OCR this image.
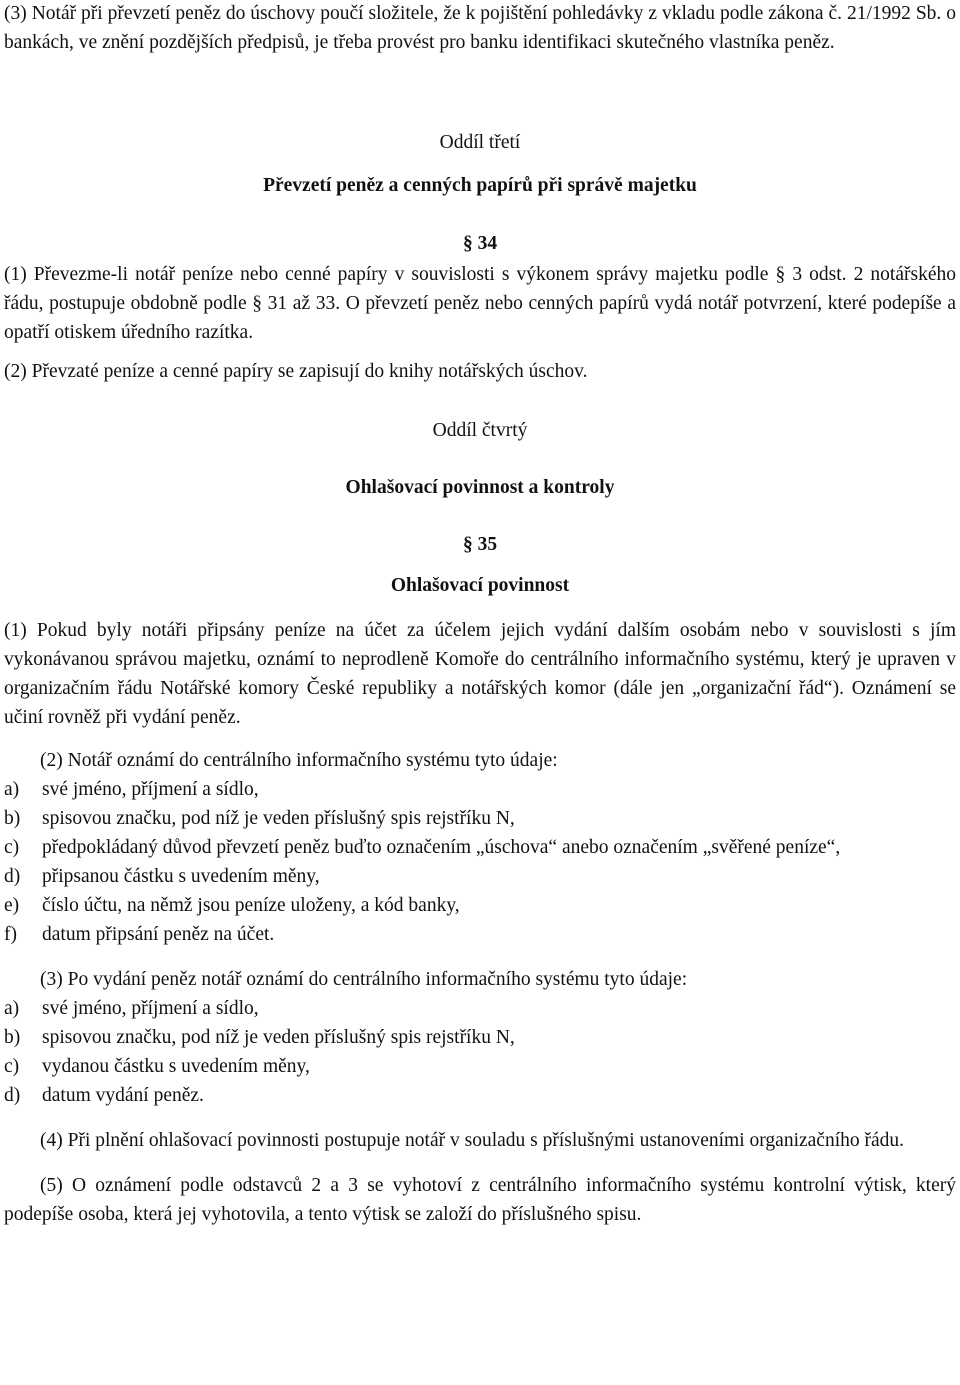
(3) Notář při převzetí peněz do úschovy poučí složitele, že k pojištění pohledávky z vkladu podle zákona č. 21/1992 Sb. o bankách, ve znění pozdějších předpisů, je třeba provést pro banku identifikaci skutečného vlastníka peněz.

Oddíl třetí

Převzetí peněz a cenných papírů při správě majetku

§ 34

(1) Převezme-li notář peníze nebo cenné papíry v souvislosti s výkonem správy majetku podle § 3 odst. 2 notářského řádu, postupuje obdobně podle § 31 až 33. O převzetí peněz nebo cenných papírů vydá notář potvrzení, které podepíše a opatří otiskem úředního razítka.

(2) Převzaté peníze a cenné papíry se zapisují do knihy notářských úschov.

Oddíl čtvrtý

Ohlašovací povinnost a kontroly

§ 35

Ohlašovací povinnost

(1) Pokud byly notáři připsány peníze na účet za účelem jejich vydání dalším osobám nebo v souvislosti s jím vykonávanou správou majetku, oznámí to neprodleně Komoře do centrálního informačního systému, který je upraven v organizačním řádu Notářské komory České republiky a notářských komor (dále jen „organizační řád“). Oznámení se učiní rovněž při vydání peněz.

(2) Notář oznámí do centrálního informačního systému tyto údaje:

a) své jméno, příjmení a sídlo,
b) spisovou značku, pod níž je veden příslušný spis rejstříku N,
c) předpokládaný důvod převzetí peněz buďto označením „úschova“ anebo označením „svěřené peníze“,
d) připsanou částku s uvedením měny,
e) číslo účtu, na němž jsou peníze uloženy, a kód banky,
f) datum připsání peněz na účet.

(3) Po vydání peněz notář oznámí do centrálního informačního systému tyto údaje:

a) své jméno, příjmení a sídlo,
b) spisovou značku, pod níž je veden příslušný spis rejstříku N,
c) vydanou částku s uvedením měny,
d) datum vydání peněz.

(4) Při plnění ohlašovací povinnosti postupuje notář v souladu s příslušnými ustanoveními organizačního řádu.

(5) O oznámení podle odstavců 2 a 3 se vyhotoví z centrálního informačního systému kontrolní výtisk, který podepíše osoba, která jej vyhotovila, a tento výtisk se založí do příslušného spisu.
